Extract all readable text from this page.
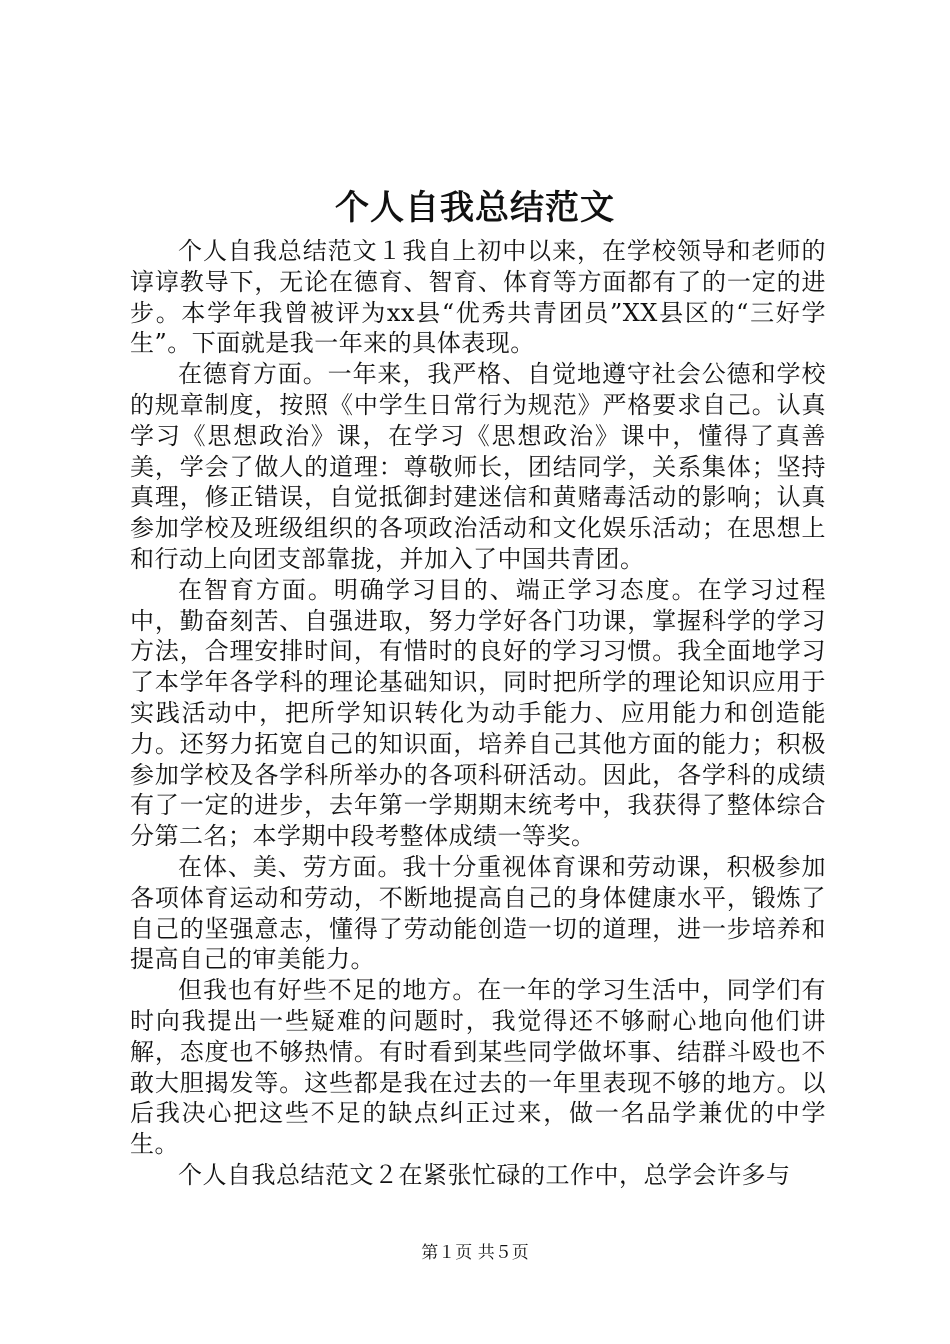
个人自我总结范文

个人自我总结范文１我自上初中以来，在学校领导和老师的谆谆教导下，无论在德育、智育、体育等方面都有了的一定的进步。本学年我曾被评为xx县“优秀共青团员”XX县区的“三好学生”。下面就是我一年来的具体表现。

在德育方面。一年来，我严格、自觉地遵守社会公德和学校的规章制度，按照《中学生日常行为规范》严格要求自己。认真学习《思想政治》课，在学习《思想政治》课中，懂得了真善美，学会了做人的道理：尊敬师长，团结同学，关系集体；坚持真理，修正错误，自觉抵御封建迷信和黄赌毒活动的影响；认真参加学校及班级组织的各项政治活动和文化娱乐活动；在思想上和行动上向团支部靠拢，并加入了中国共青团。

在智育方面。明确学习目的、端正学习态度。在学习过程中，勤奋刻苦、自强进取，努力学好各门功课，掌握科学的学习方法，合理安排时间，有惜时的良好的学习习惯。我全面地学习了本学年各学科的理论基础知识，同时把所学的理论知识应用于实践活动中，把所学知识转化为动手能力、应用能力和创造能力。还努力拓宽自己的知识面，培养自己其他方面的能力；积极参加学校及各学科所举办的各项科研活动。因此，各学科的成绩有了一定的进步，去年第一学期期末统考中，我获得了整体综合分第二名；本学期中段考整体成绩一等奖。

在体、美、劳方面。我十分重视体育课和劳动课，积极参加各项体育运动和劳动，不断地提高自己的身体健康水平，锻炼了自己的坚强意志，懂得了劳动能创造一切的道理，进一步培养和提高自己的审美能力。

但我也有好些不足的地方。在一年的学习生活中，同学们有时向我提出一些疑难的问题时，我觉得还不够耐心地向他们讲解，态度也不够热情。有时看到某些同学做坏事、结群斗殴也不敢大胆揭发等。这些都是我在过去的一年里表现不够的地方。以后我决心把这些不足的缺点纠正过来，做一名品学兼优的中学生。

个人自我总结范文２在紧张忙碌的工作中，总学会许多与

第１页 共５页
